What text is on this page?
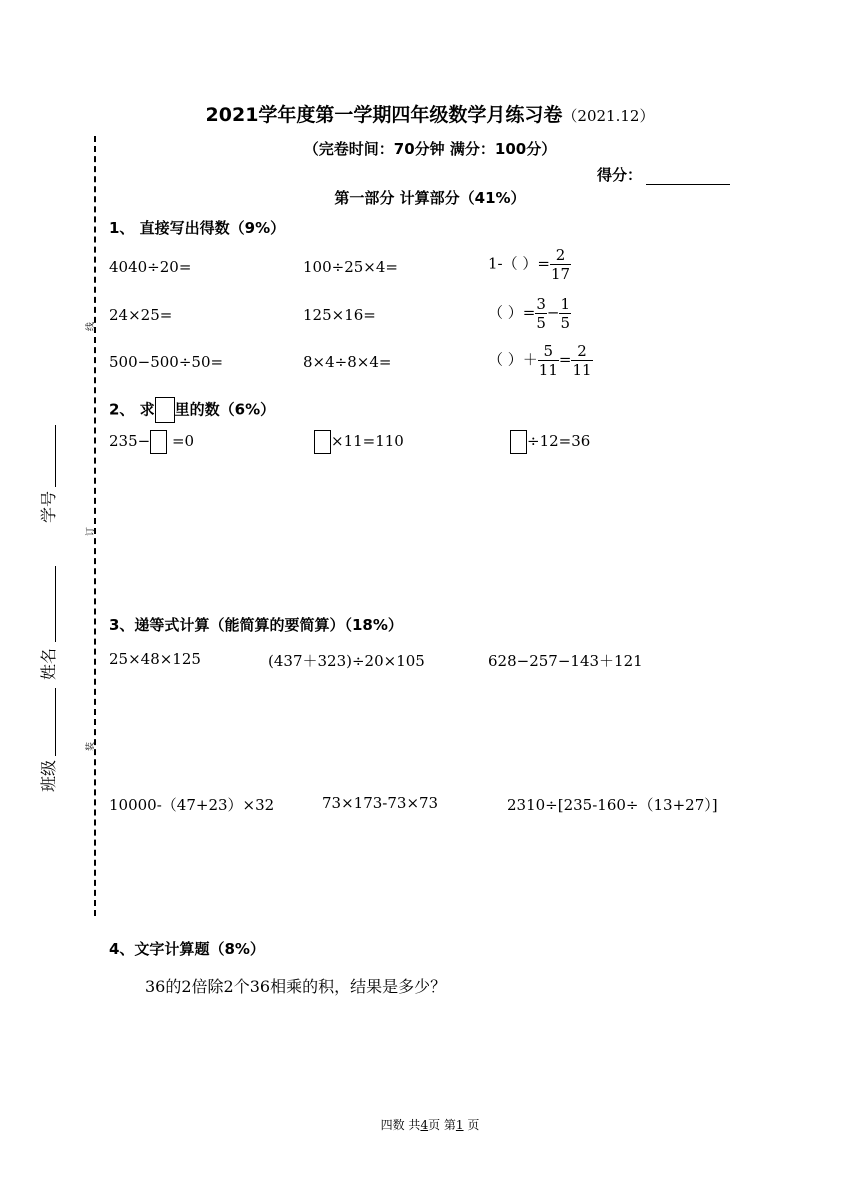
2021学年度第一学期四年级数学月练习卷（2021.12）
（完卷时间：70分钟 满分：100分）
得分：
第一部分 计算部分（41%）
线
订
装
学号
姓名
班级
1、 直接写出得数（9%）
4040÷20=	100÷25×4=	1-（ ）= $\frac{2}{17}$
24×25=	125×16=	（ ）= $\frac{3}{5} - \frac{1}{5}$
500−500÷50=	8×4÷8×4=	（ ）＋ $\frac{5}{11} = \frac{2}{11}$
2、 求 里的数（6%）
235− =0	×11=110	÷12=36
3、递等式计算（能简算的要简算）（18%）
25×48×125	(437＋323)÷20×105	628−257−143＋121
10000-（47+23）×32	73×173-73×73	2310÷[235-160÷（13+27）]
4、文字计算题（8%）
36的2倍除2个36相乘的积，结果是多少？
四数 共4页 第1 页
